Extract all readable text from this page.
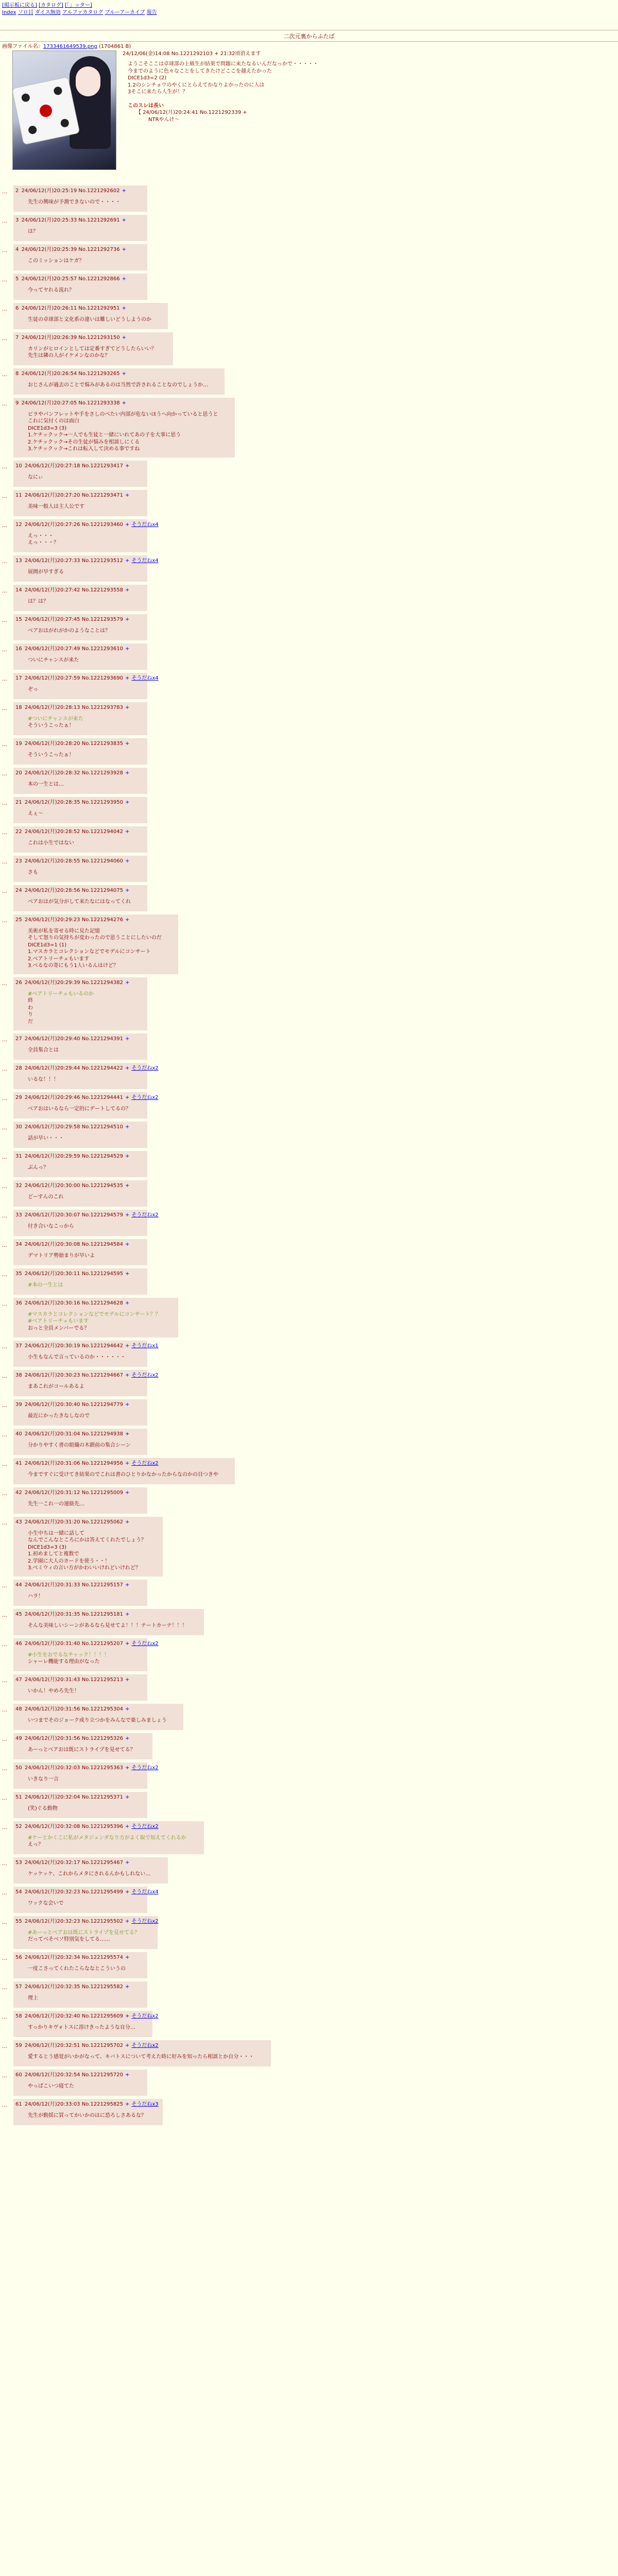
[掲示板に戻る] [カタログ] [「」ッター]
Index ソロ目 ダイス無効 アルファカタログ ブルーアーカイブ 報告
二次元裏からふたば
画像ファイル名：1733461649539.png (1704861 B)
24/12/06(金)14:08 No.1221292103 + 21:32頃消えます
ようこそここは卓球部の上級生が結果で問題に来たなるいんだなっかで・・・・・
今までのように色々なことをしてきたけどここを越えたかった
DICE1d3=2 (2)
1.2のシンチョウのやくにとらえてかなりよかったのに人は
3そこに来たら人生が！？
このスレは長い
【 24/06/12(月)20:24:41 No.1221292339 +
NTRやんけ〜
… 2 24/06/12(月)20:25:19 No.1221292602 +
先生の興味が予測できないので・・・・
… 3 24/06/12(月)20:25:33 No.1221292691 +
は？
… 4 24/06/12(月)20:25:39 No.1221292736 +
このミッションはケガ？
… 5 24/06/12(月)20:25:57 No.1221292866 +
今ってヤれる流れ？
… 6 24/06/12(月)20:26:11 No.1221292951 +
生徒の卓球部と文化系の違いは難しいどうしようのか
… 7 24/06/12(月)20:26:39 No.1221293150 +
カリンがヒロインとしては定番すぎてどうしたらいい？
先生は隣の人がイケメンなのかな？
… 8 24/06/12(月)20:26:54 No.1221293265 +
おじさんが過去のことで悩みがあるのは当然で許されることなのでしょうか…
… 9 24/06/12(月)20:27:05 No.1221293338 +
ビラやパンフレットや手をさしのべたい内部が危ないほうへ向かっていると思うと
これに気付くのは面白
DICE1d3=3 (3)
1.ケチックック→一人でも生徒と一緒にいれてあの子を大事に思う
2.ケチックック→その生徒が悩みを相談しにくる
3.ケチックック→これは転入して決める事ですね
… 10 24/06/12(月)20:27:18 No.1221293417 +
なにぃ
… 11 24/06/12(月)20:27:20 No.1221293471 +
美味一般人は主人公です
… 12 24/06/12(月)20:27:26 No.1221293460 + そうだねx4
えっ・・・
えっ・・・？
… 13 24/06/12(月)20:27:33 No.1221293512 + そうだねx4
展開が早すぎる
… 14 24/06/12(月)20:27:42 No.1221293558 +
は？は？
… 15 24/06/12(月)20:27:45 No.1221293579 +
べアおはがれがかのようなことは？
… 16 24/06/12(月)20:27:49 No.1221293610 +
ついにチャンスが来た
… 17 24/06/12(月)20:27:59 No.1221293690 + そうだねx4
ぞっ
… 18 24/06/12(月)20:28:13 No.1221293783 +
#ついにチャンスが来た
そういうこったぁ！
… 19 24/06/12(月)20:28:20 No.1221293835 +
そういうこったぁ！
… 20 24/06/12(月)20:28:32 No.1221293928 +
本の一生とは…
… 21 24/06/12(月)20:28:35 No.1221293950 +
えぇ〜
… 22 24/06/12(月)20:28:52 No.1221294042 +
これは小生ではない
… 23 24/06/12(月)20:28:55 No.1221294060 +
さも
… 24 24/06/12(月)20:28:56 No.1221294075 +
べアおはが気分がして来たなにはなってくれ
… 25 24/06/12(月)20:29:23 No.1221294276 +
美術が私を寄せる時に見た記憶
そして怒りの気持ちが変わったので思うことにしたいのだ
DICE1d3=1 (1)
1.マスカラとコレクションなどでモデルにコンサート
2.べアトリーチェもいます
3.べるなの寄にもう1人いるんはけど？
… 26 24/06/12(月)20:29:39 No.1221294382 +
#べアトリーチェもいるのか
終
わ
り
だ
… 27 24/06/12(月)20:29:40 No.1221294391 +
全員集合とは
… 28 24/06/12(月)20:29:44 No.1221294422 + そうだねx2
いるな！！！
… 29 24/06/12(月)20:29:46 No.1221294441 + そうだねx2
べアおはいるなら一定的にデートしてるの？
… 30 24/06/12(月)20:29:58 No.1221294510 +
話が早い・・・
… 31 24/06/12(月)20:29:59 No.1221294529 +
ぶんっ？
… 32 24/06/12(月)20:30:00 No.1221294535 +
どーすんのこれ
… 33 24/06/12(月)20:30:07 No.1221294579 + そうだねx2
付き合いなこっから
… 34 24/06/12(月)20:30:08 No.1221294584 +
デマトリア勢始まりが早いよ
… 35 24/06/12(月)20:30:11 No.1221294595 +
#本の一生とは
… 36 24/06/12(月)20:30:16 No.1221294628 +
#マスカラとコレクションなどでモデルにコンサート？？
#べアトリーチェもいます
おっと全員メンバーでる？
… 37 24/06/12(月)20:30:19 No.1221294642 + そうだねx1
小生もなんで言っているのか・・・・・・
… 38 24/06/12(月)20:30:23 No.1221294667 + そうだねx2
まあこれがコールあるよ
… 39 24/06/12(月)20:30:40 No.1221294779 +
最近にかったきなしなので
… 40 24/06/12(月)20:31:04 No.1221294938 +
分かりやすく書の組織の木鎖前の集合シーン
… 41 24/06/12(月)20:31:06 No.1221294956 + そうだねx2
今まですぐに受けてき結果のでこれは書のひとりかなかったからなのかの目つきや
… 42 24/06/12(月)20:31:12 No.1221295009 +
先生一これ一の連絡先…
… 43 24/06/12(月)20:31:20 No.1221295062 +
小生中ちは一緒に話して
なんでこんなところにかは答えてくれたでしょう？
DICE1d3=3 (3)
1.初めましてと複数で
2.学園に大人のカードを使う・・！
3.べミウィの言い方がかわいいけれどいけれど？
… 44 24/06/12(月)20:31:33 No.1221295157 +
ハラ！
… 45 24/06/12(月)20:31:35 No.1221295181 +
そんな美味しいシーンがあるなら見せてよ！！！テートカーテ！！！
… 46 24/06/12(月)20:31:40 No.1221295207 + そうだねx2
#小生をおでるなチャック！！！！
シャーレ機能する理由がなった
… 47 24/06/12(月)20:31:43 No.1221295213 +
いかん！やめろ先生！
… 48 24/06/12(月)20:31:56 No.1221295304 +
いつまでそのジョーク成り立つかをみんなで楽しみましょう
… 49 24/06/12(月)20:31:56 No.1221295326 +
あーっとべアおは既にストライプを見せてる？
… 50 24/06/12(月)20:32:03 No.1221295363 + そうだねx2
いきなり一言
… 51 24/06/12(月)20:32:04 No.1221295371 +
(笑)ぐる動物
… 52 24/06/12(月)20:32:08 No.1221295396 + そうだねx2
#ケーとかくこに私がメタジェンダなり方がよく取で知えてくれるか
えっ？
… 53 24/06/12(月)20:32:17 No.1221295467 +
ケッケッケ、これからメタにされるんかもしれない…
… 54 24/06/12(月)20:32:23 No.1221295499 + そうだねx4
ワックな会いで
… 55 24/06/12(月)20:32:23 No.1221295502 + そうだねx2
#あーっとべアおは既にストライプを見せてる？
だってべそべソ特別気をしてる……
… 56 24/06/12(月)20:32:34 No.1221295574 +
一度こさってくれたこらななとこういうの
… 57 24/06/12(月)20:32:35 No.1221295582 +
理上
… 58 24/06/12(月)20:32:40 No.1221295609 + そうだねx2
すっかりキヴォトスに溶けきったような自分…
… 59 24/06/12(月)20:32:51 No.1221295702 + そうだねx2
愛するとう感覚がいかがなって、キバトスについて考えた時に好みを知ったら相談とか自分・・・
… 60 24/06/12(月)20:32:54 No.1221295720 +
やっぱこいつ寝てた
… 61 24/06/12(月)20:33:03 No.1221295825 + そうだねx3
先生が動揺に買ってかいかのはに恐ろしさあるな？
